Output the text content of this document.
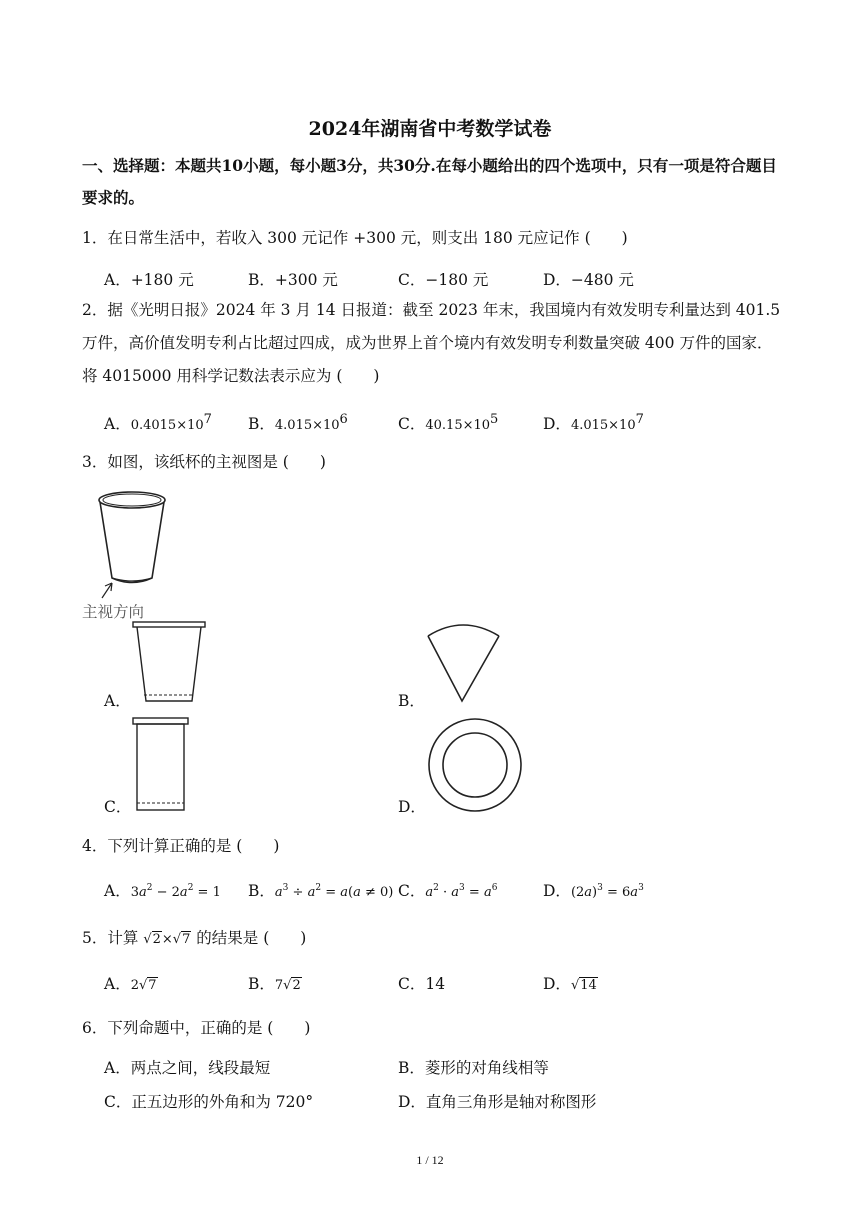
2024年湖南省中考数学试卷
一、选择题：本题共10小题，每小题3分，共30分.在每小题给出的四个选项中，只有一项是符合题目要求的。
1．在日常生活中，若收入 300 元记作 +300 元，则支出 180 元应记作 (　　)
A．+180 元	B．+300 元	C．−180 元	D．−480 元
2．据《光明日报》2024 年 3 月 14 日报道：截至 2023 年末，我国境内有效发明专利量达到 401.5 万件，高价值发明专利占比超过四成，成为世界上首个境内有效发明专利数量突破 400 万件的国家．将 4015000 用科学记数法表示应为 (　　)
A．$0.4015\times 10^7$ B．$4.015\times 10^6$	C．$40.15\times 10^5$	D．$4.015\times 10^7$
3．如图，该纸杯的主视图是 (　　)
主视方向
A．	B．
C．	D．
4．下列计算正确的是 (　　)
A．$3a^2 - 2a^2 = 1$ B．$a^3 \div a^2 = a(a \ne 0)$ C．$a^2 \cdot a^3 = a^6$	D．$(2a)^3 = 6a^3$
5．计算 √2×√7 的结果是 (　　)
A．2√7	B．7√2	C．14	D．√14
6．下列命题中，正确的是 (　　)
A．两点之间，线段最短	B．菱形的对角线相等
C．正五边形的外角和为 720°	D．直角三角形是轴对称图形
1 / 12
